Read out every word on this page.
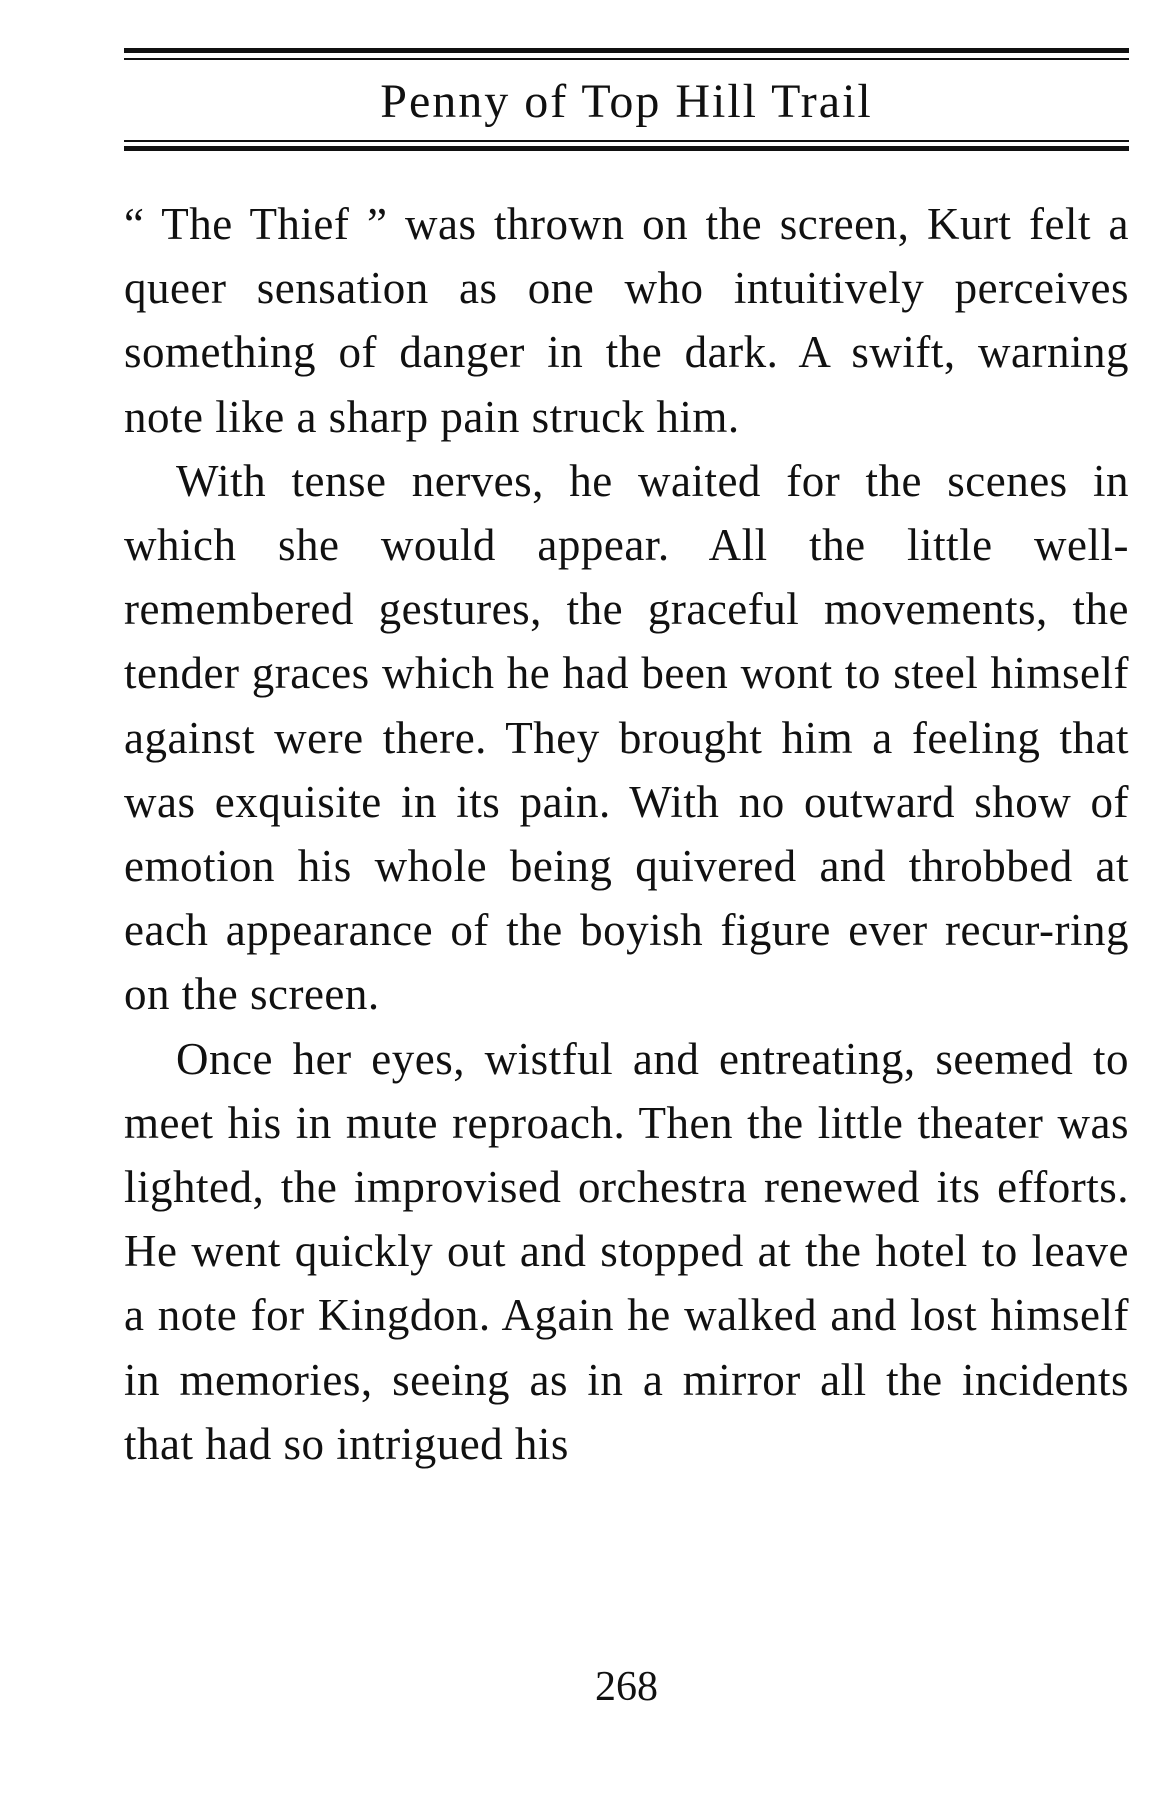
Penny of Top Hill Trail

“ The Thief ” was thrown on the screen, Kurt felt a queer sensation as one who intuitively perceives something of danger in the dark. A swift, warning note like a sharp pain struck him.

With tense nerves, he waited for the scenes in which she would appear. All the little well-remembered gestures, the graceful movements, the tender graces which he had been wont to steel himself against were there. They brought him a feeling that was exquisite in its pain. With no outward show of emotion his whole being quivered and throbbed at each appearance of the boyish figure ever recur-ring on the screen.

Once her eyes, wistful and entreating, seemed to meet his in mute reproach. Then the little theater was lighted, the improvised orchestra renewed its efforts. He went quickly out and stopped at the hotel to leave a note for Kingdon. Again he walked and lost himself in memories, seeing as in a mirror all the incidents that had so intrigued his

268
